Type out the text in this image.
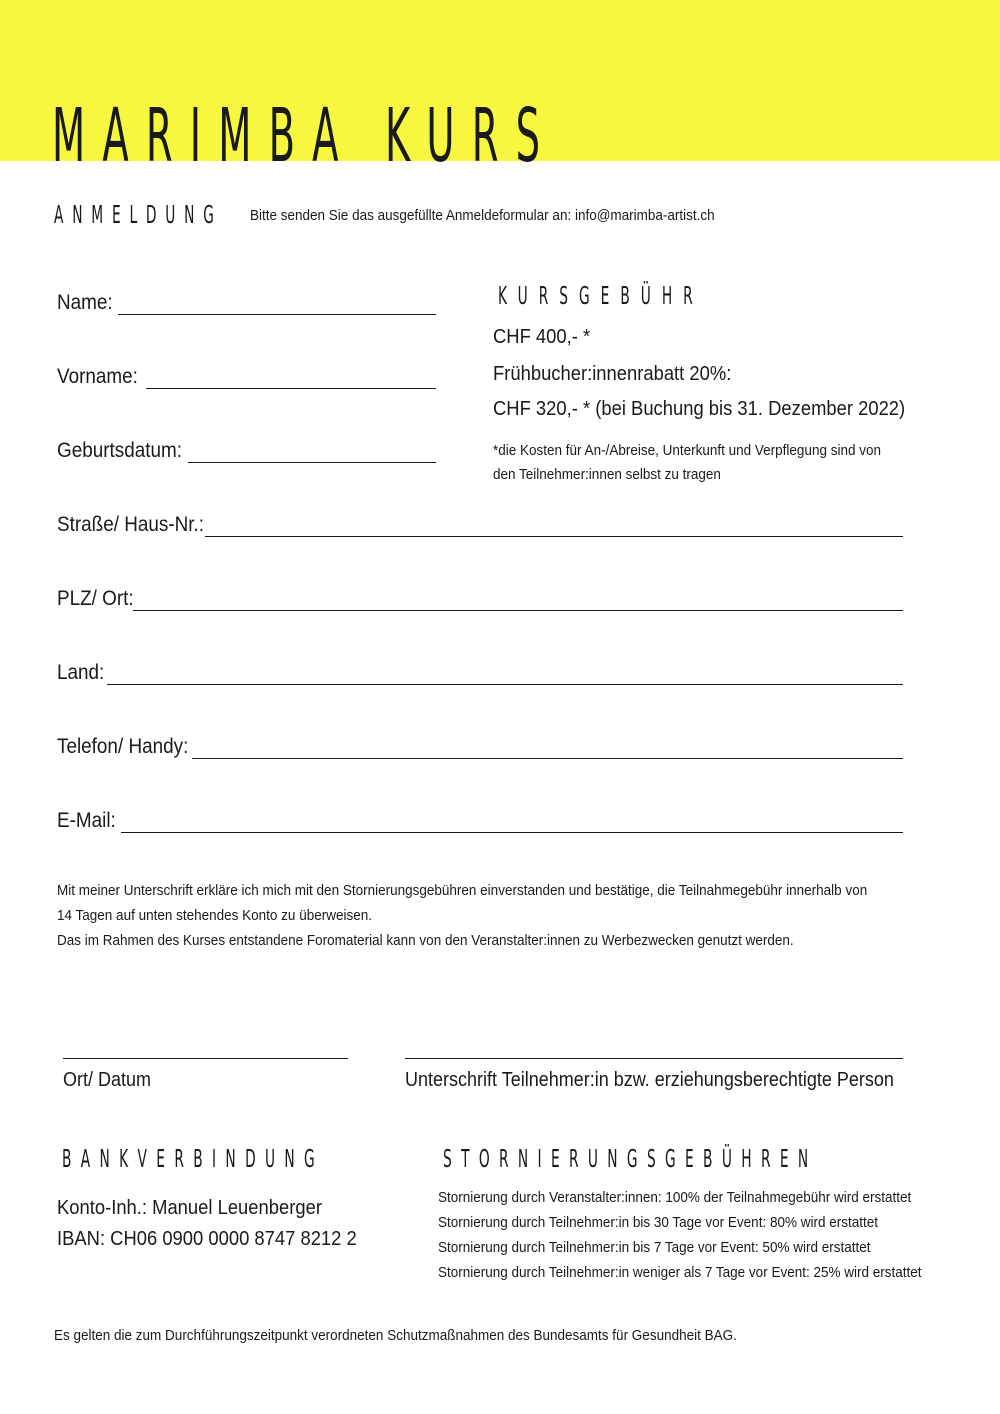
MARIMBA KURS
ANMELDUNG Bitte senden Sie das ausgefüllte Anmeldeformular an: info@marimba-artist.ch
Name:
Vorname:
Geburtsdatum:
KURSGEBÜHR
CHF 400,- *
Frühbucher:innenrabatt 20%:
CHF 320,- * (bei Buchung bis 31. Dezember 2022)
*die Kosten für An-/Abreise, Unterkunft und Verpflegung sind von
den Teilnehmer:innen selbst zu tragen
Straße/ Haus-Nr.:
PLZ/ Ort:
Land:
Telefon/ Handy:
E-Mail:
Mit meiner Unterschrift erkläre ich mich mit den Stornierungsgebühren einverstanden und bestätige, die Teilnahmegebühr innerhalb von
14 Tagen auf unten stehendes Konto zu überweisen.
Das im Rahmen des Kurses entstandene Foromaterial kann von den Veranstalter:innen zu Werbezwecken genutzt werden.
Ort/ Datum	Unterschrift Teilnehmer:in bzw. erziehungsberechtigte Person
BANKVERBINDUNG
Konto-Inh.: Manuel Leuenberger
IBAN: CH06 0900 0000 8747 8212 2
STORNIERUNGSGEBÜHREN
Stornierung durch Veranstalter:innen: 100% der Teilnahmegebühr wird erstattet
Stornierung durch Teilnehmer:in bis 30 Tage vor Event: 80% wird erstattet
Stornierung durch Teilnehmer:in bis 7 Tage vor Event: 50% wird erstattet
Stornierung durch Teilnehmer:in weniger als 7 Tage vor Event: 25% wird erstattet
Es gelten die zum Durchführungszeitpunkt verordneten Schutzmaßnahmen des Bundesamts für Gesundheit BAG.
